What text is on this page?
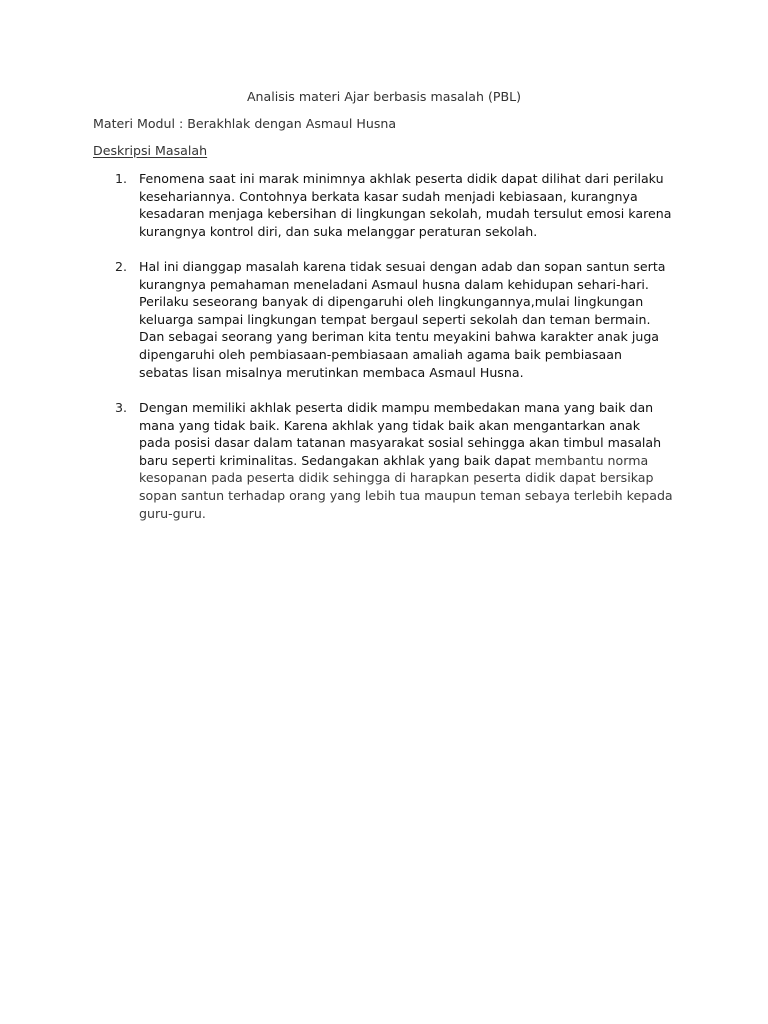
Analisis materi Ajar berbasis masalah (PBL)
Materi Modul : Berakhlak dengan Asmaul Husna
Deskripsi Masalah
1. Fenomena saat ini marak minimnya akhlak peserta didik dapat dilihat dari perilaku kesehariannya. Contohnya berkata kasar sudah menjadi kebiasaan, kurangnya kesadaran menjaga kebersihan di lingkungan sekolah, mudah tersulut emosi karena kurangnya kontrol diri, dan suka melanggar peraturan sekolah.
2. Hal ini dianggap masalah karena tidak sesuai dengan adab dan sopan santun serta kurangnya pemahaman meneladani Asmaul husna dalam kehidupan sehari-hari. Perilaku seseorang banyak di dipengaruhi oleh lingkungannya,mulai lingkungan keluarga sampai lingkungan tempat bergaul seperti sekolah dan teman bermain. Dan sebagai seorang yang beriman kita tentu meyakini bahwa karakter anak juga dipengaruhi oleh pembiasaan-pembiasaan amaliah agama baik pembiasaan sebatas lisan misalnya merutinkan membaca Asmaul Husna.
3. Dengan memiliki akhlak peserta didik mampu membedakan mana yang baik dan mana yang tidak baik. Karena akhlak yang tidak baik akan mengantarkan anak pada posisi dasar dalam tatanan masyarakat sosial sehingga akan timbul masalah baru seperti kriminalitas. Sedangakan akhlak yang baik dapat membantu norma kesopanan pada peserta didik sehingga di harapkan peserta didik dapat bersikap sopan santun terhadap orang yang lebih tua maupun teman sebaya terlebih kepada guru-guru.
